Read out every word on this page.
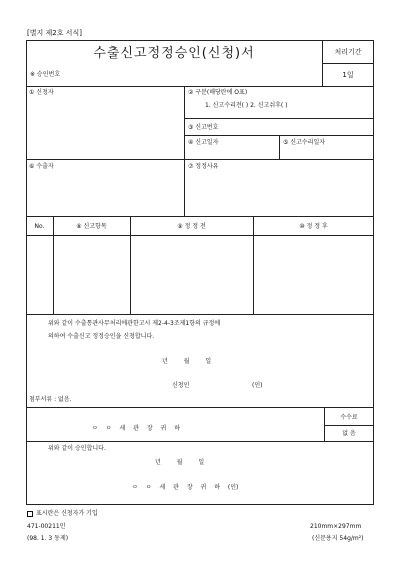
[별지 제2호 서식]
수출신고정정승인(신청)서	처리기간
1일
※ 승인번호
① 신청자	② 구분(해당란에 O표)
1. 신고수리전( ) 2. 신고쉬후( )
③ 신고번호
④ 신고일자	⑤ 신고수리일자
⑥ 수출자	⑦ 정정사유
No.	⑧ 신고항목	⑨ 정 정 전	⑩ 정 정 후
위와 같이 수출통관사무처리에관한고시 제2-4-3조제1항의 규정에
의하여 수출신고 정정승인을 신청합니다.
년 월 일
신청인	(인)
첨부서류 : 없음.
ㅇ ㅇ 세 관 장 귀 하
수수료
없 음
위와 같이 승인합니다.
년 월 일
ㅇ ㅇ 세 관 장 귀 하 (인)
표시란은 신청자가 기입
471-00211민	210mm×297mm
(98. 1. 3 동제)	(신문용지 54g/m²)
